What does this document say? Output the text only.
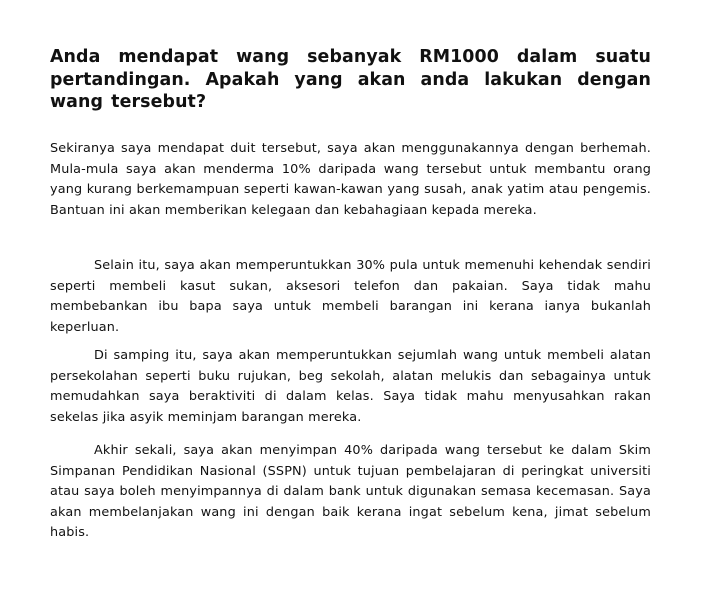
Anda mendapat wang sebanyak RM1000 dalam suatu pertandingan. Apakah yang akan anda lakukan dengan wang tersebut?

Sekiranya saya mendapat duit tersebut, saya akan menggunakannya dengan berhemah. Mula-mula saya akan menderma 10% daripada wang tersebut untuk membantu orang yang kurang berkemampuan seperti kawan-kawan yang susah, anak yatim atau pengemis. Bantuan ini akan memberikan kelegaan dan kebahagiaan kepada mereka.

Selain itu, saya akan memperuntukkan 30% pula untuk memenuhi kehendak sendiri seperti membeli kasut sukan, aksesori telefon dan pakaian. Saya tidak mahu membebankan ibu bapa saya untuk membeli barangan ini kerana ianya bukanlah keperluan.

Di samping itu, saya akan memperuntukkan sejumlah wang untuk membeli alatan persekolahan seperti buku rujukan, beg sekolah, alatan melukis dan sebagainya untuk memudahkan saya beraktiviti di dalam kelas. Saya tidak mahu menyusahkan rakan sekelas jika asyik meminjam barangan mereka.

Akhir sekali, saya akan menyimpan 40% daripada wang tersebut ke dalam Skim Simpanan Pendidikan Nasional (SSPN) untuk tujuan pembelajaran di peringkat universiti atau saya boleh menyimpannya di dalam bank untuk digunakan semasa kecemasan. Saya akan membelanjakan wang ini dengan baik kerana ingat sebelum kena, jimat sebelum habis.
